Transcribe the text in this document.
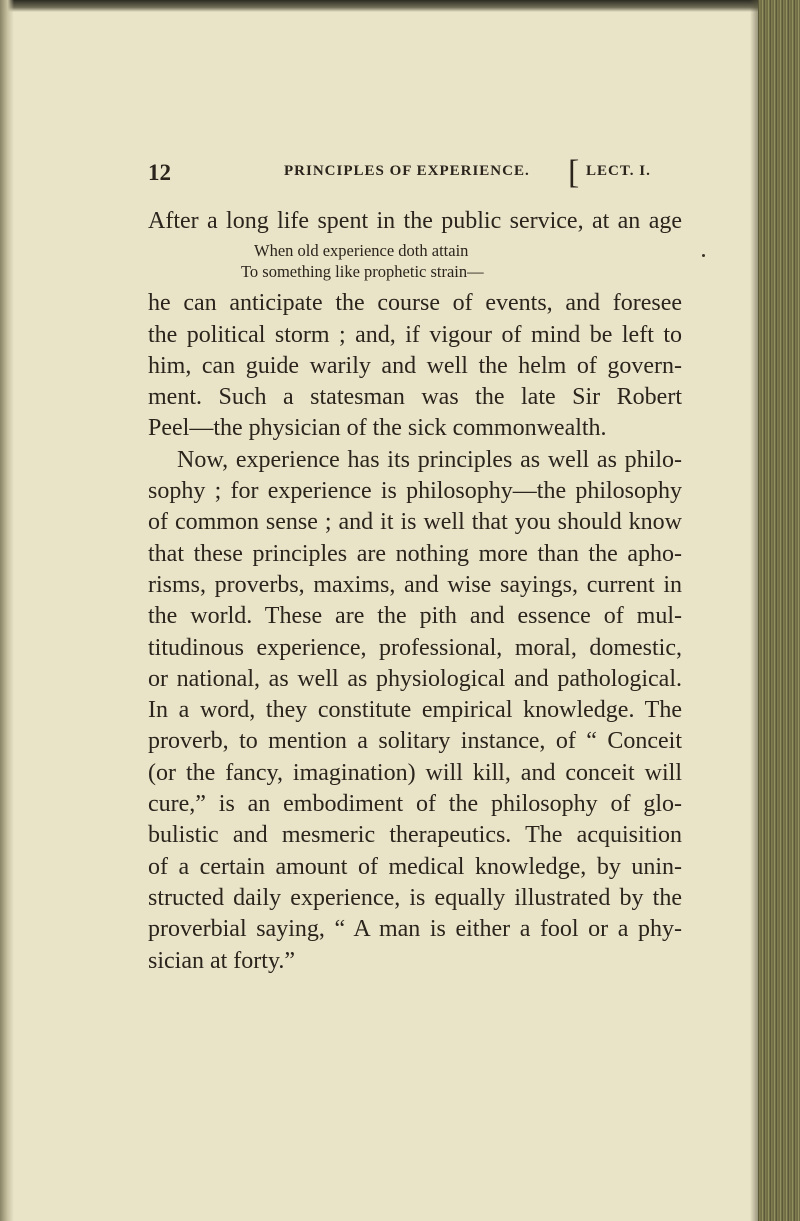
12	PRINCIPLES OF EXPERIENCE. [ LECT. I.
After a long life spent in the public service, at an age
When old experience doth attain
To something like prophetic strain—
he can anticipate the course of events, and foresee
the political storm ; and, if vigour of mind be left to
him, can guide warily and well the helm of govern-
ment. Such a statesman was the late Sir Robert
Peel—the physician of the sick commonwealth.
Now, experience has its principles as well as philo-
sophy ; for experience is philosophy—the philosophy
of common sense ; and it is well that you should know
that these principles are nothing more than the apho-
risms, proverbs, maxims, and wise sayings, current in
the world. These are the pith and essence of mul-
titudinous experience, professional, moral, domestic,
or national, as well as physiological and pathological.
In a word, they constitute empirical knowledge. The
proverb, to mention a solitary instance, of “ Conceit
(or the fancy, imagination) will kill, and conceit will
cure,” is an embodiment of the philosophy of glo-
bulistic and mesmeric therapeutics. The acquisition
of a certain amount of medical knowledge, by unin-
structed daily experience, is equally illustrated by the
proverbial saying, “ A man is either a fool or a phy-
sician at forty.”
